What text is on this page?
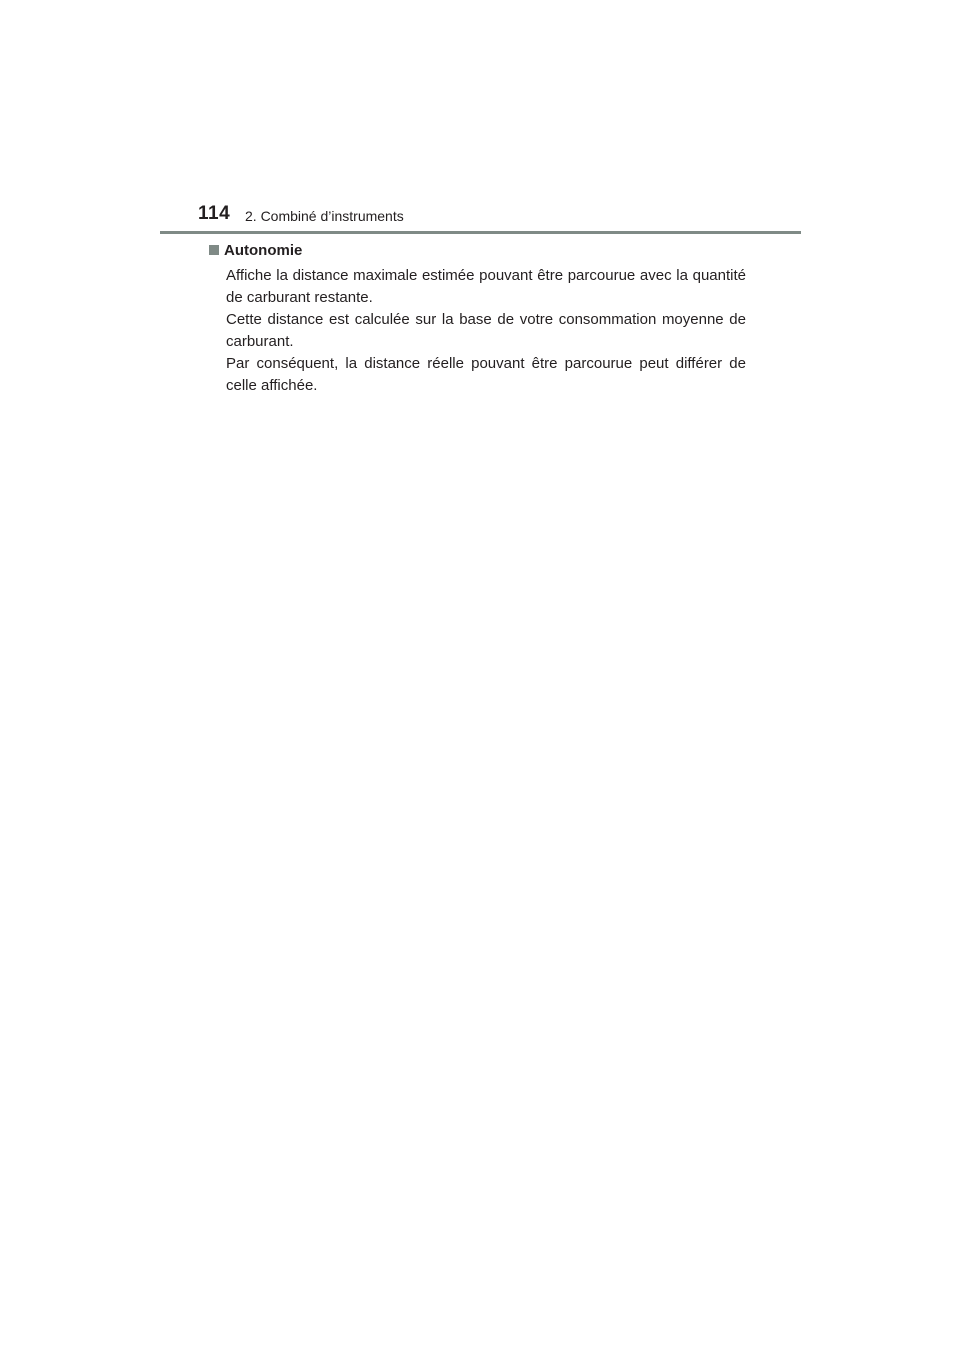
114 2. Combiné d’instruments
Autonomie

Affiche la distance maximale estimée pouvant être parcourue avec la quantité de carburant restante.

Cette distance est calculée sur la base de votre consommation moyenne de carburant.

Par conséquent, la distance réelle pouvant être parcourue peut différer de celle affichée.
